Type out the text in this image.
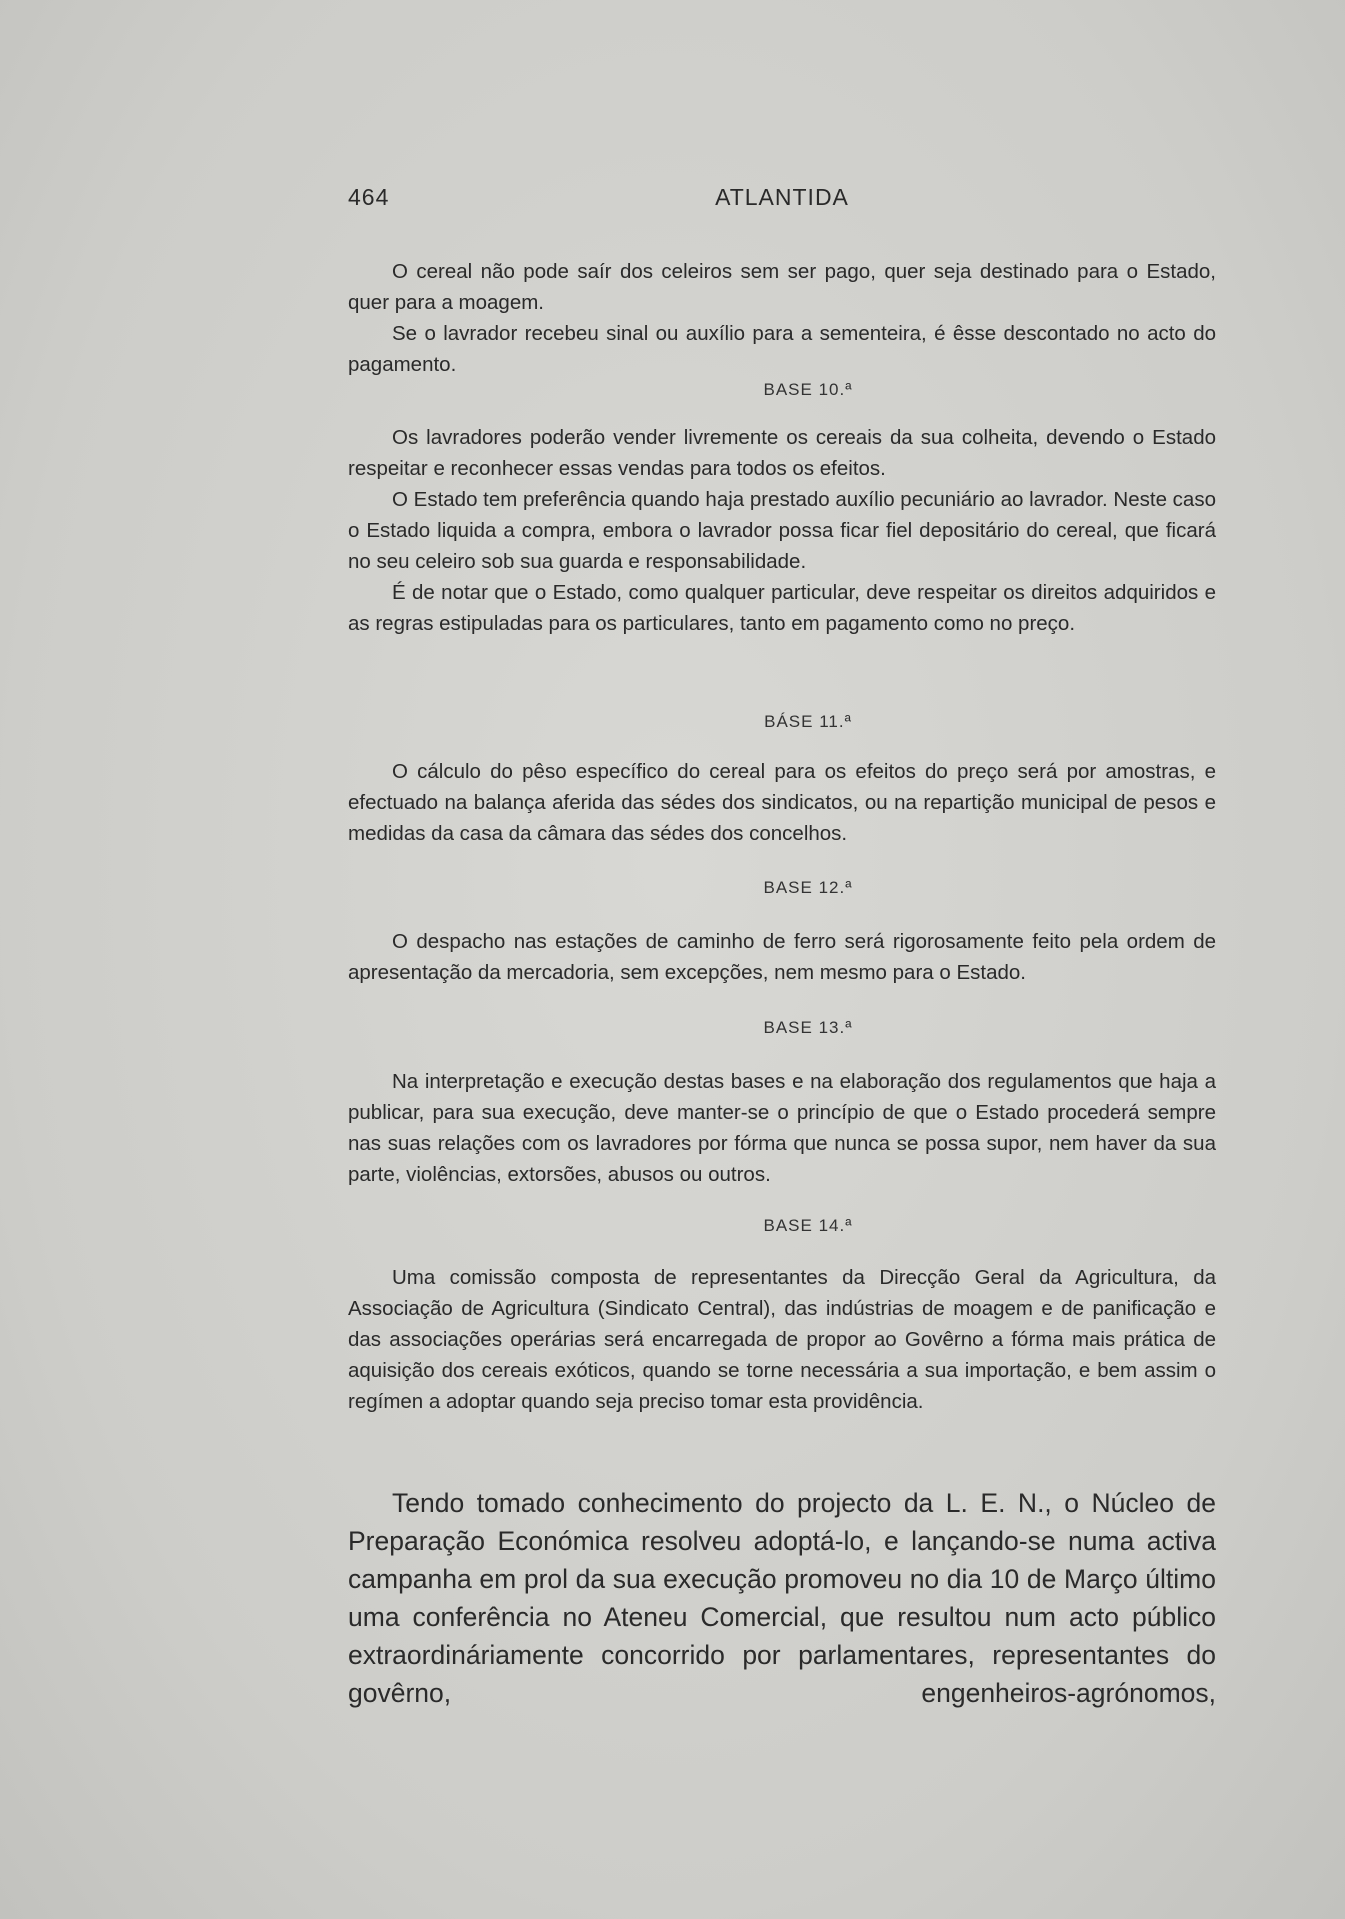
464	ATLANTIDA

O cereal não pode saír dos celeiros sem ser pago, quer seja destinado para o Estado, quer para a moagem.

Se o lavrador recebeu sinal ou auxílio para a sementeira, é êsse descontado no acto do pagamento.

BASE 10.ª

Os lavradores poderão vender livremente os cereais da sua colheita, devendo o Estado respeitar e reconhecer essas vendas para todos os efeitos.

O Estado tem preferência quando haja prestado auxílio pecuniário ao lavrador. Neste caso o Estado liquida a compra, embora o lavrador possa ficar fiel depositário do cereal, que ficará no seu celeiro sob sua guarda e responsabilidade.

É de notar que o Estado, como qualquer particular, deve respeitar os direitos adquiridos e as regras estipuladas para os particulares, tanto em pagamento como no preço.

BÁSE 11.ª

O cálculo do pêso específico do cereal para os efeitos do preço será por amostras, e efectuado na balança aferida das sédes dos sindicatos, ou na repartição municipal de pesos e medidas da casa da câmara das sédes dos concelhos.

BASE 12.ª

O despacho nas estações de caminho de ferro será rigorosamente feito pela ordem de apresentação da mercadoria, sem excepções, nem mesmo para o Estado.

BASE 13.ª

Na interpretação e execução destas bases e na elaboração dos regulamentos que haja a publicar, para sua execução, deve manter-se o princípio de que o Estado procederá sempre nas suas relações com os lavradores por fórma que nunca se possa supor, nem haver da sua parte, violências, extorsões, abusos ou outros.

BASE 14.ª

Uma comissão composta de representantes da Direcção Geral da Agricultura, da Associação de Agricultura (Sindicato Central), das indústrias de moagem e de panificação e das associações operárias será encarregada de propor ao Govêrno a fórma mais prática de aquisição dos cereais exóticos, quando se torne necessária a sua importação, e bem assim o regímen a adoptar quando seja preciso tomar esta providência.

Tendo tomado conhecimento do projecto da L. E. N., o Núcleo de Preparação Económica resolveu adoptá-lo, e lançando-se numa activa campanha em prol da sua execução promoveu no dia 10 de Março último uma conferência no Ateneu Comercial, que resultou num acto público extraordináriamente concorrido por parlamentares, representantes do govêrno, engenheiros-agrónomos,
